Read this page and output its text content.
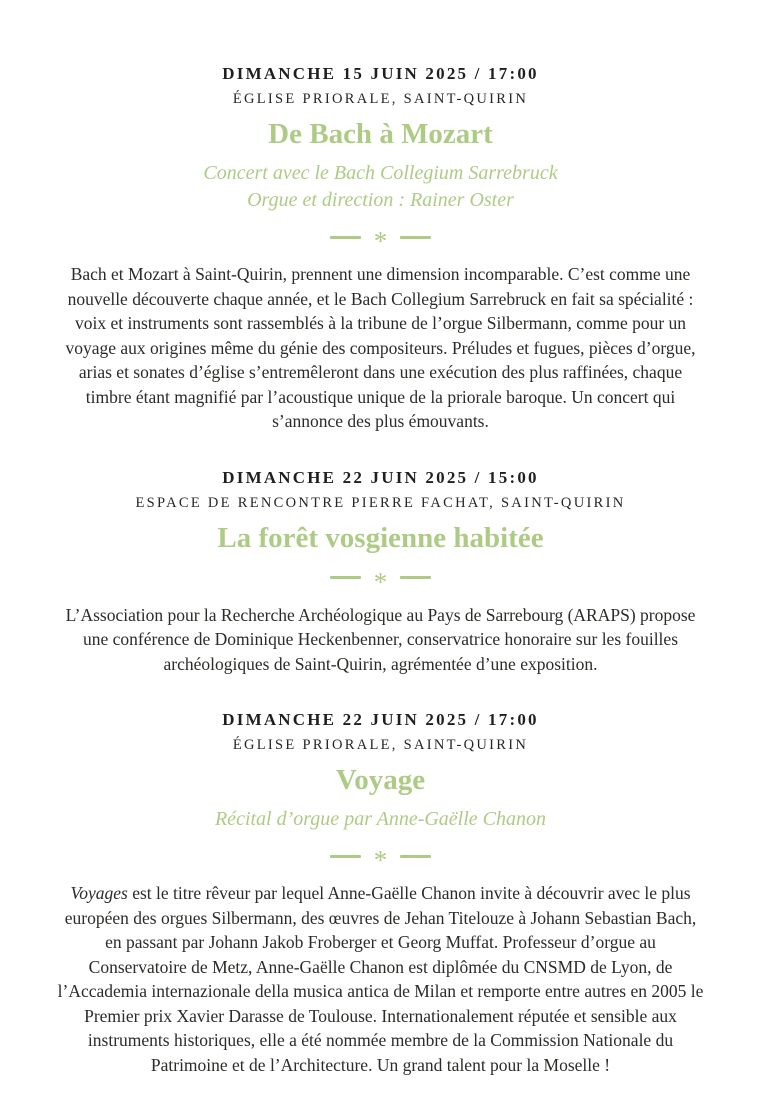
DIMANCHE 15 JUIN 2025 / 17:00
ÉGLISE PRIORALE, SAINT-QUIRIN
De Bach à Mozart

Concert avec le Bach Collegium Sarrebruck

Orgue et direction : Rainer Oster

*

Bach et Mozart à Saint-Quirin, prennent une dimension incomparable. C’est comme une nouvelle découverte chaque année, et le Bach Collegium Sarrebruck en fait sa spécialité : voix et instruments sont rassemblés à la tribune de l’orgue Silbermann, comme pour un voyage aux origines même du génie des compositeurs. Préludes et fugues, pièces d’orgue, arias et sonates d’église s’entremêleront dans une exécution des plus raffinées, chaque timbre étant magnifié par l’acoustique unique de la priorale baroque. Un concert qui s’annonce des plus émouvants.

DIMANCHE 22 JUIN 2025 / 15:00
ESPACE DE RENCONTRE PIERRE FACHAT, SAINT-QUIRIN
La forêt vosgienne habitée
*

L’Association pour la Recherche Archéologique au Pays de Sarrebourg (ARAPS) propose une conférence de Dominique Heckenbenner, conservatrice honoraire sur les fouilles archéologiques de Saint-Quirin, agrémentée d’une exposition.

DIMANCHE 22 JUIN 2025 / 17:00
ÉGLISE PRIORALE, SAINT-QUIRIN
Voyage

Récital d’orgue par Anne-Gaëlle Chanon

*

Voyages est le titre rêveur par lequel Anne-Gaëlle Chanon invite à découvrir avec le plus européen des orgues Silbermann, des œuvres de Jehan Titelouze à Johann Sebastian Bach, en passant par Johann Jakob Froberger et Georg Muffat. Professeur d’orgue au Conservatoire de Metz, Anne-Gaëlle Chanon est diplômée du CNSMD de Lyon, de l’Accademia internazionale della musica antica de Milan et remporte entre autres en 2005 le Premier prix Xavier Darasse de Toulouse. Internationalement réputée et sensible aux instruments historiques, elle a été nommée membre de la Commission Nationale du Patrimoine et de l’Architecture. Un grand talent pour la Moselle !
